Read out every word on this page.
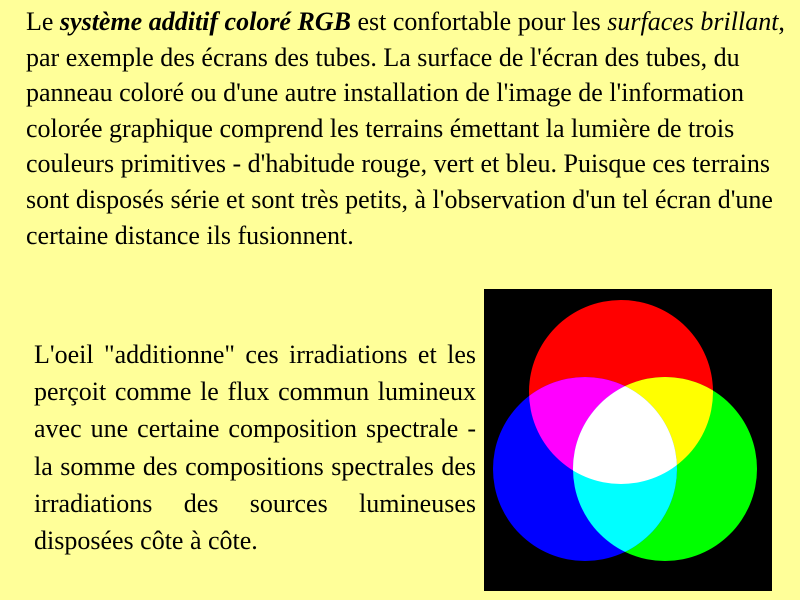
Le système additif coloré RGB est confortable pour les surfaces brillant, par exemple des écrans des tubes. La surface de l'écran des tubes, du panneau coloré ou d'une autre installation de l'image de l'information colorée graphique comprend les terrains émettant la lumière de trois couleurs primitives - d'habitude rouge, vert et bleu. Puisque ces terrains sont disposés série et sont très petits, à l'observation d'un tel écran d'une certaine distance ils fusionnent.

L'oeil "additionne" ces irradiations et les perçoit comme le flux commun lumineux avec une certaine composition spectrale - la somme des compositions spectrales des irradiations des sources lumineuses disposées côte à côte.
